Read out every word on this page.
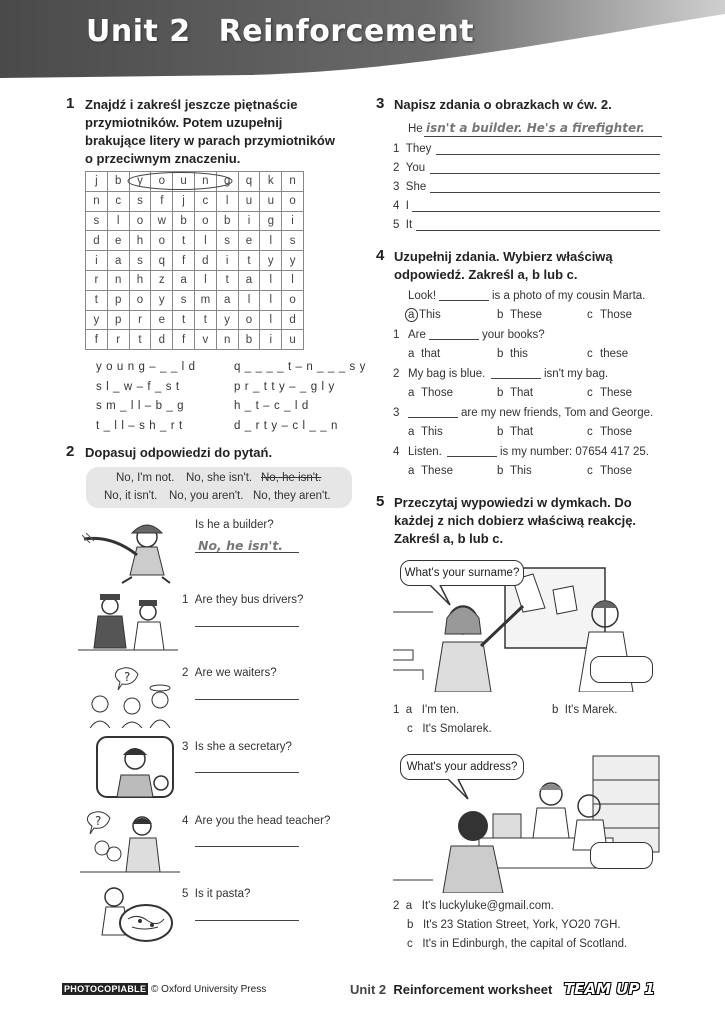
Unit 2 Reinforcement
1 Znajdź i zakreśl jeszcze piętnaście
przymiotników. Potem uzupełnij
brakujące litery w parach przymiotników
o przeciwnym znaczeniu.
j	b	y	o	u	n	g	q	k	n
n	c	s	f	j	c	l	u	u	o
s	l	o	w	b	o	b	i	g	i
d	e	h	o	t	l	s	e	l	s
i	a	s	q	f	d	i	t	y	y
r	n	h	z	a	l	t	a	l	l
t	p	o	y	s	m	a	l	l	o
y	p	r	e	t	t	y	o	l	d
f	r	t	d	f	v	n	b	i	u
y o u n g – _ _ l d
s l _ w – f _ s t
s m _ l l – b _ g
t _ l l – s h _ r t
q _ _ _ _ t – n _ _ _ s y
p r _ t t y – _ g l y
h _ t – c _ l d
d _ r t y – c l _ _ n
2 Dopasuj odpowiedzi do pytań.
No, I'm not. No, she isn't. No, he isn't.
No, it isn't. No, you aren't. No, they aren't.
?
?
Is he a builder?
No, he isn't.
1 Are they bus drivers?
2 Are we waiters?
3 Is she a secretary?
4 Are you the head teacher?
5 Is it pasta?
3 Napisz zdania o obrazkach w ćw. 2.
He isn't a builder. He's a firefighter.
1 They
2 You
3 She
4 I
5 It
4 Uzupełnij zdania. Wybierz właściwą
odpowiedź. Zakreśl a, b lub c.
Look!	is a photo of my cousin Marta.
a This	b These	c Those
1 Are	your books?
a that	b this	c these
2 My bag is blue.	isn't my bag.
a Those	b That	c These
3	are my new friends, Tom and George.
a This	b That	c Those
4 Listen.	is my number: 07654 417 25.
a These	b This	c Those
5 Przeczytaj wypowiedzi w dymkach. Do
każdej z nich dobierz właściwą reakcję.
Zakreśl a, b lub c.
What's your surname?
1 a I'm ten.	b  It's Marek.
c   It's Smolarek.
What's your address?
2  a   It's luckyluke@gmail.com.
b   It's 23 Station Street, York, YO20 7GH.
c   It's in Edinburgh, the capital of Scotland.
PHOTOCOPIABLE © Oxford University Press	Unit 2 Reinforcement worksheet TEAM UP 1
